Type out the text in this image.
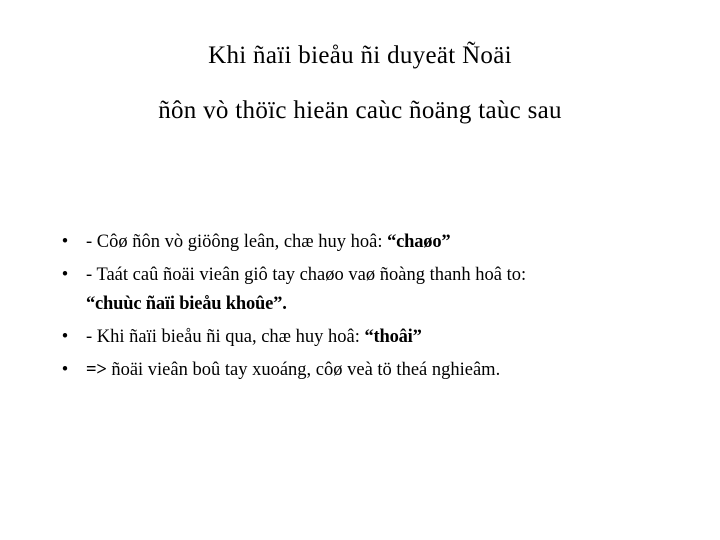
Khi ñaïi bieåu ñi duyeät Ñoäi
ñôn vò thöïc hieän caùc ñoäng taùc sau
• - Côø ñôn vò giöông leân, chæ huy hoâ: “chaøo”
• - Taát caû ñoäi vieân giô tay chaøo vaø ñoàng thanh hoâ to:
“chuùc ñaïi bieåu khoûe”.
• - Khi ñaïi bieåu ñi qua, chæ huy hoâ: “thoâi”
• => ñoäi vieân boû tay xuoáng, côø veà tö theá nghieâm.
